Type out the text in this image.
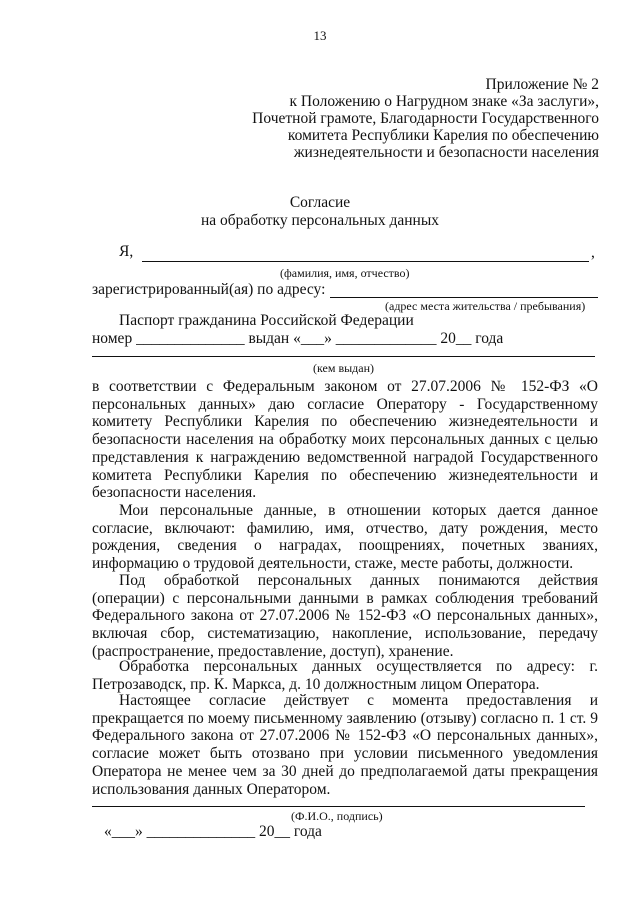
13
Приложение № 2
к Положению о Нагрудном знаке «За заслуги»,
Почетной грамоте, Благодарности Государственного
комитета Республики Карелия по обеспечению
жизнедеятельности и безопасности населения
Согласие
на обработку персональных данных
Я,	,
(фамилия, имя, отчество)
зарегистрированный(ая) по адресу:
(адрес места жительства / пребывания)
Паспорт гражданина Российской Федерации
номер ______________ выдан «___» _____________ 20__ года
(кем выдан)
в соответствии с Федеральным законом от 27.07.2006 № 152-ФЗ «О персональных данных» даю согласие Оператору - Государственному комитету Республики Карелия по обеспечению жизнедеятельности и безопасности населения на обработку моих персональных данных с целью представления к награждению ведомственной наградой Государственного комитета Республики Карелия по обеспечению жизнедеятельности и безопасности населения.
Мои персональные данные, в отношении которых дается данное согласие, включают: фамилию, имя, отчество, дату рождения, место рождения, сведения о наградах, поощрениях, почетных званиях, информацию о трудовой деятельности, стаже, месте работы, должности.
Под обработкой персональных данных понимаются действия (операции) с персональными данными в рамках соблюдения требований Федерального закона от 27.07.2006 № 152-ФЗ «О персональных данных», включая сбор, систематизацию, накопление, использование, передачу (распространение, предоставление, доступ), хранение.
Обработка персональных данных осуществляется по адресу: г. Петрозаводск, пр. К. Маркса, д. 10 должностным лицом Оператора.
Настоящее согласие действует с момента предоставления и прекращается по моему письменному заявлению (отзыву) согласно п. 1 ст. 9 Федерального закона от 27.07.2006 № 152-ФЗ «О персональных данных», согласие может быть отозвано при условии письменного уведомления Оператора не менее чем за 30 дней до предполагаемой даты прекращения использования данных Оператором.
(Ф.И.О., подпись)
«___» ______________ 20__ года
